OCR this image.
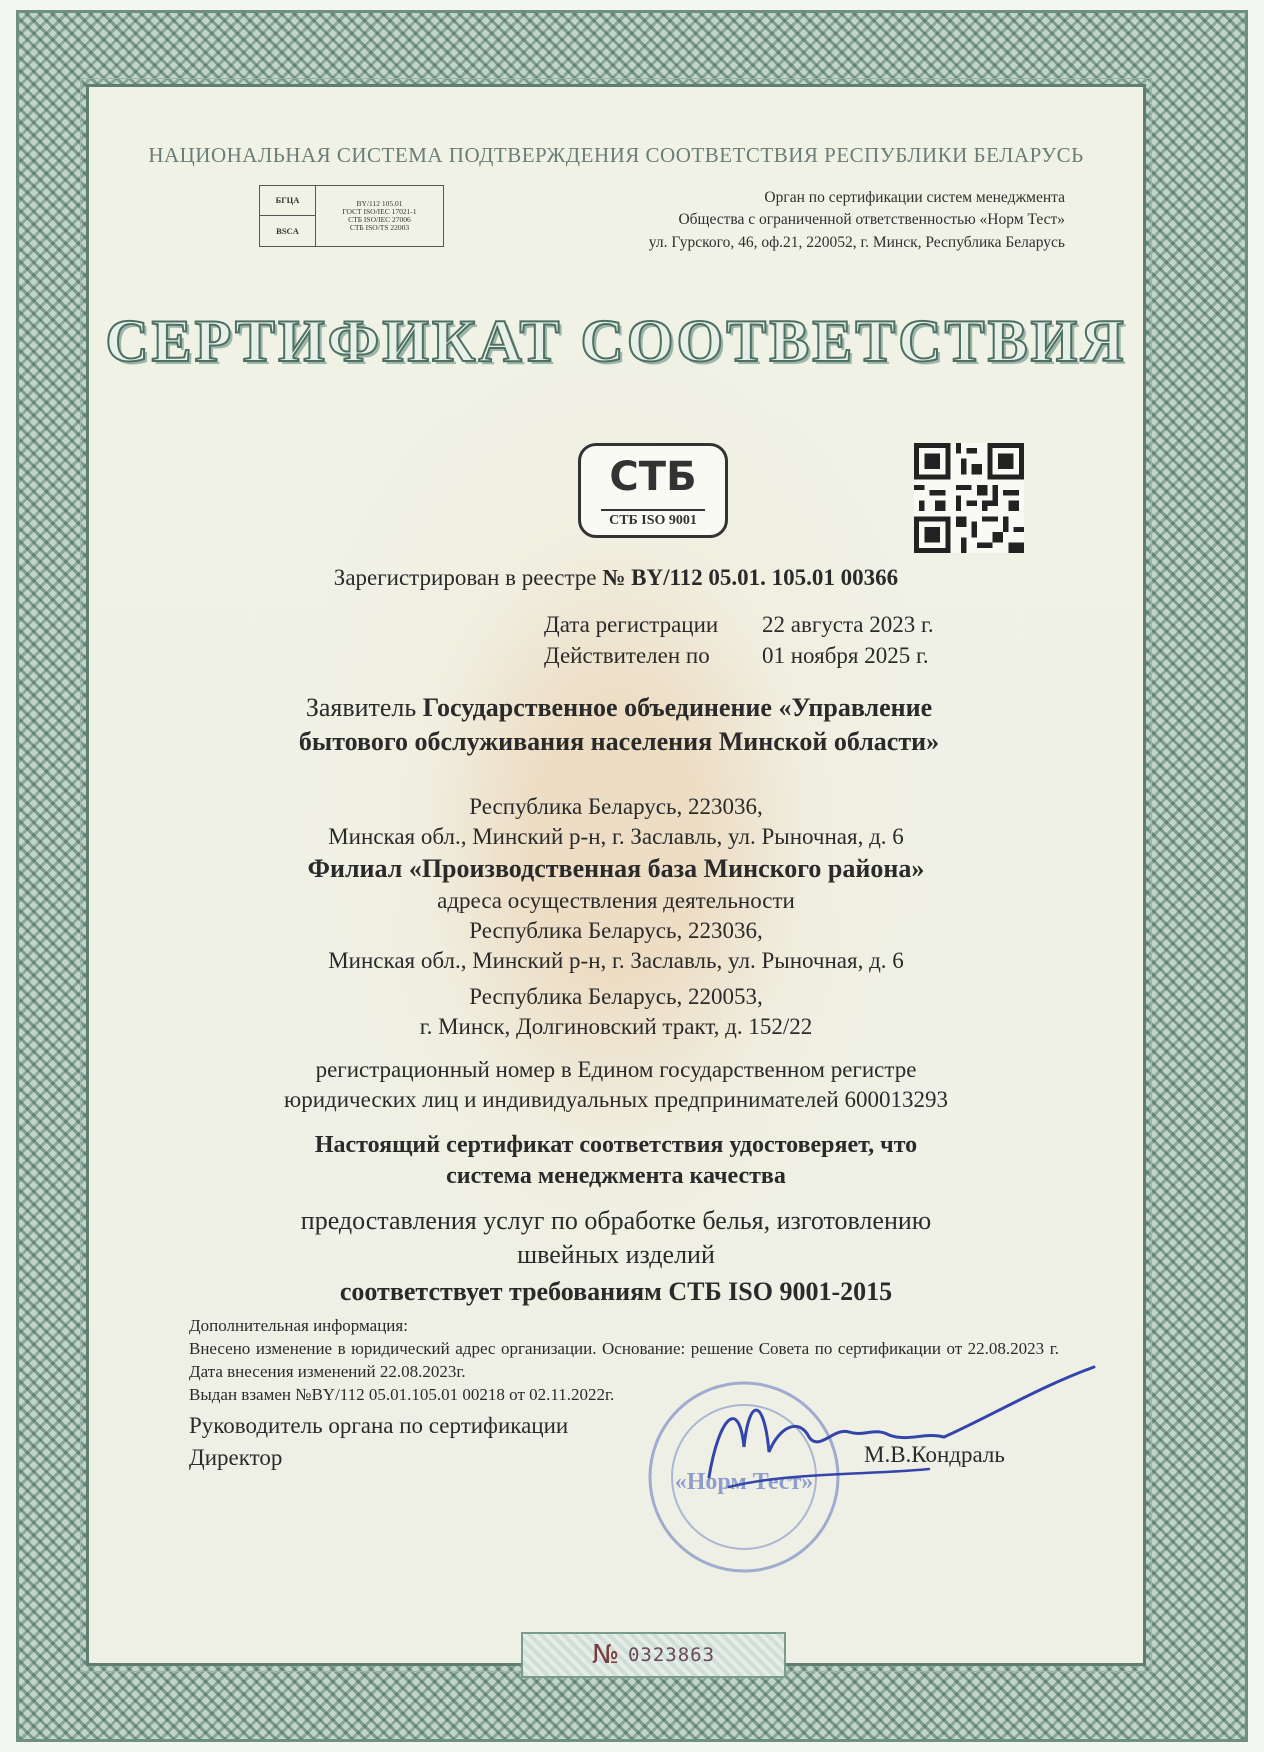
НАЦИОНАЛЬНАЯ СИСТЕМА ПОДТВЕРЖДЕНИЯ СООТВЕТСТВИЯ РЕСПУБЛИКИ БЕЛАРУСЬ
БГЦА	BY/112 105.01
ГОСТ ISO/IEC 17021-1
СТБ ISO/IEC 27006
СТБ ISO/TS 22003
BSCA
Орган по сертификации систем менеджмента
Общества с ограниченной ответственностью «Норм Тест»
ул. Гурского, 46, оф.21, 220052, г. Минск, Республика Беларусь
СЕРТИФИКАТ СООТВЕТСТВИЯ
СТБ
СТБ ISO 9001
Зарегистрирован в реестре № BY/112 05.01. 105.01 00366
Дата регистрации	22 августа 2023 г.
Действителен по	01 ноября 2025 г.
Заявитель Государственное объединение «Управление
бытового обслуживания населения Минской области»
Республика Беларусь, 223036,
Минская обл., Минский р-н, г. Заславль, ул. Рыночная, д. 6
Филиал «Производственная база Минского района»
адреса осуществления деятельности
Республика Беларусь, 223036,
Минская обл., Минский р-н, г. Заславль, ул. Рыночная, д. 6
Республика Беларусь, 220053,
г. Минск, Долгиновский тракт, д. 152/22
регистрационный номер в Едином государственном регистре
юридических лиц и индивидуальных предпринимателей 600013293
Настоящий сертификат соответствия удостоверяет, что
система менеджмента качества
предоставления услуг по обработке белья, изготовлению
швейных изделий
соответствует требованиям СТБ ISO 9001-2015
Дополнительная информация:
Внесено изменение в юридический адрес организации. Основание: решение Совета по сертификации от 22.08.2023 г. Дата внесения изменений 22.08.2023г.
Выдан взамен №BY/112 05.01.105.01 00218 от 02.11.2022г.
«Норм Тест»
Руководитель органа по сертификации
Директор	М.В.Кондраль
№ 0323863
